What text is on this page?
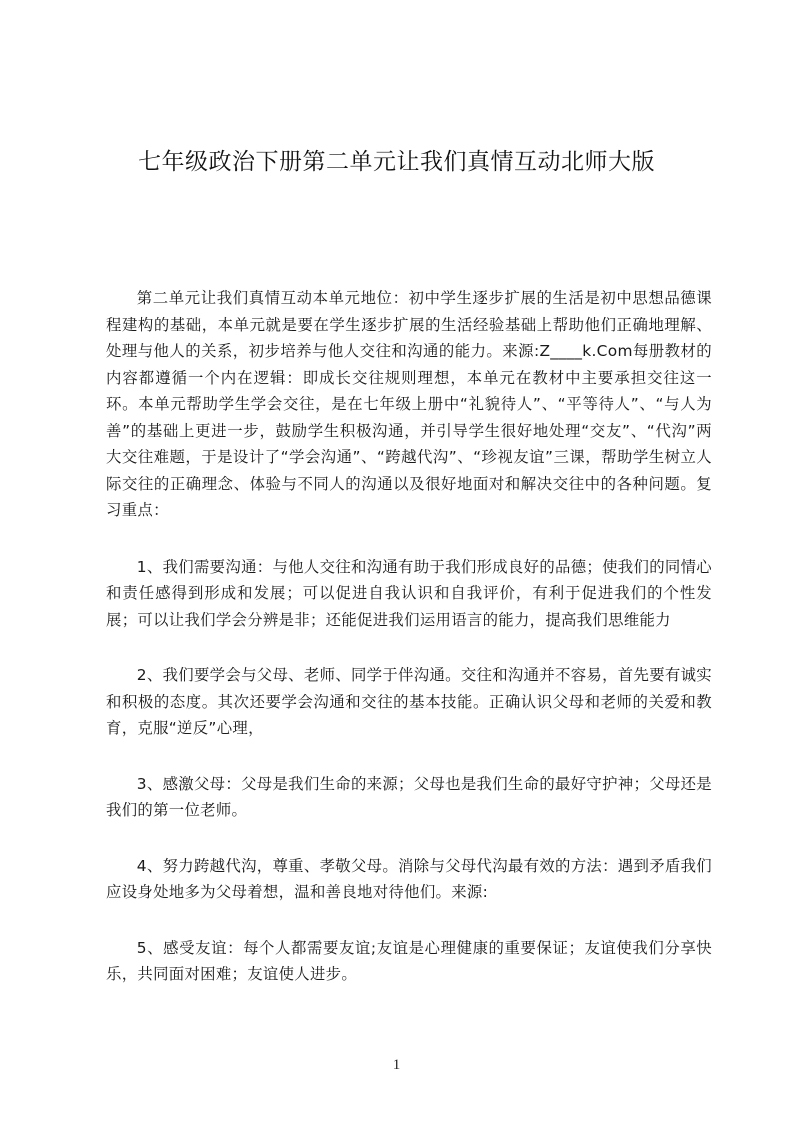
七年级政治下册第二单元让我们真情互动北师大版

第二单元让我们真情互动本单元地位：初中学生逐步扩展的生活是初中思想品德课程建构的基础，本单元就是要在学生逐步扩展的生活经验基础上帮助他们正确地理解、处理与他人的关系，初步培养与他人交往和沟通的能力。来源:Z____k.Com每册教材的内容都遵循一个内在逻辑：即成长交往规则理想，本单元在教材中主要承担交往这一环。本单元帮助学生学会交往，是在七年级上册中“礼貌待人”、“平等待人”、“与人为善”的基础上更进一步，鼓励学生积极沟通，并引导学生很好地处理“交友”、“代沟”两大交往难题，于是设计了“学会沟通”、“跨越代沟”、“珍视友谊”三课，帮助学生树立人际交往的正确理念、体验与不同人的沟通以及很好地面对和解决交往中的各种问题。复习重点：

1、我们需要沟通：与他人交往和沟通有助于我们形成良好的品德；使我们的同情心和责任感得到形成和发展；可以促进自我认识和自我评价，有利于促进我们的个性发展；可以让我们学会分辨是非；还能促进我们运用语言的能力，提高我们思维能力

2、我们要学会与父母、老师、同学于伴沟通。交往和沟通并不容易，首先要有诚实和积极的态度。其次还要学会沟通和交往的基本技能。正确认识父母和老师的关爱和教育，克服“逆反”心理，

3、感激父母：父母是我们生命的来源；父母也是我们生命的最好守护神；父母还是我们的第一位老师。

4、努力跨越代沟，尊重、孝敬父母。消除与父母代沟最有效的方法：遇到矛盾我们应设身处地多为父母着想，温和善良地对待他们。来源:

5、感受友谊：每个人都需要友谊;友谊是心理健康的重要保证；友谊使我们分享快乐，共同面对困难；友谊使人进步。

1
